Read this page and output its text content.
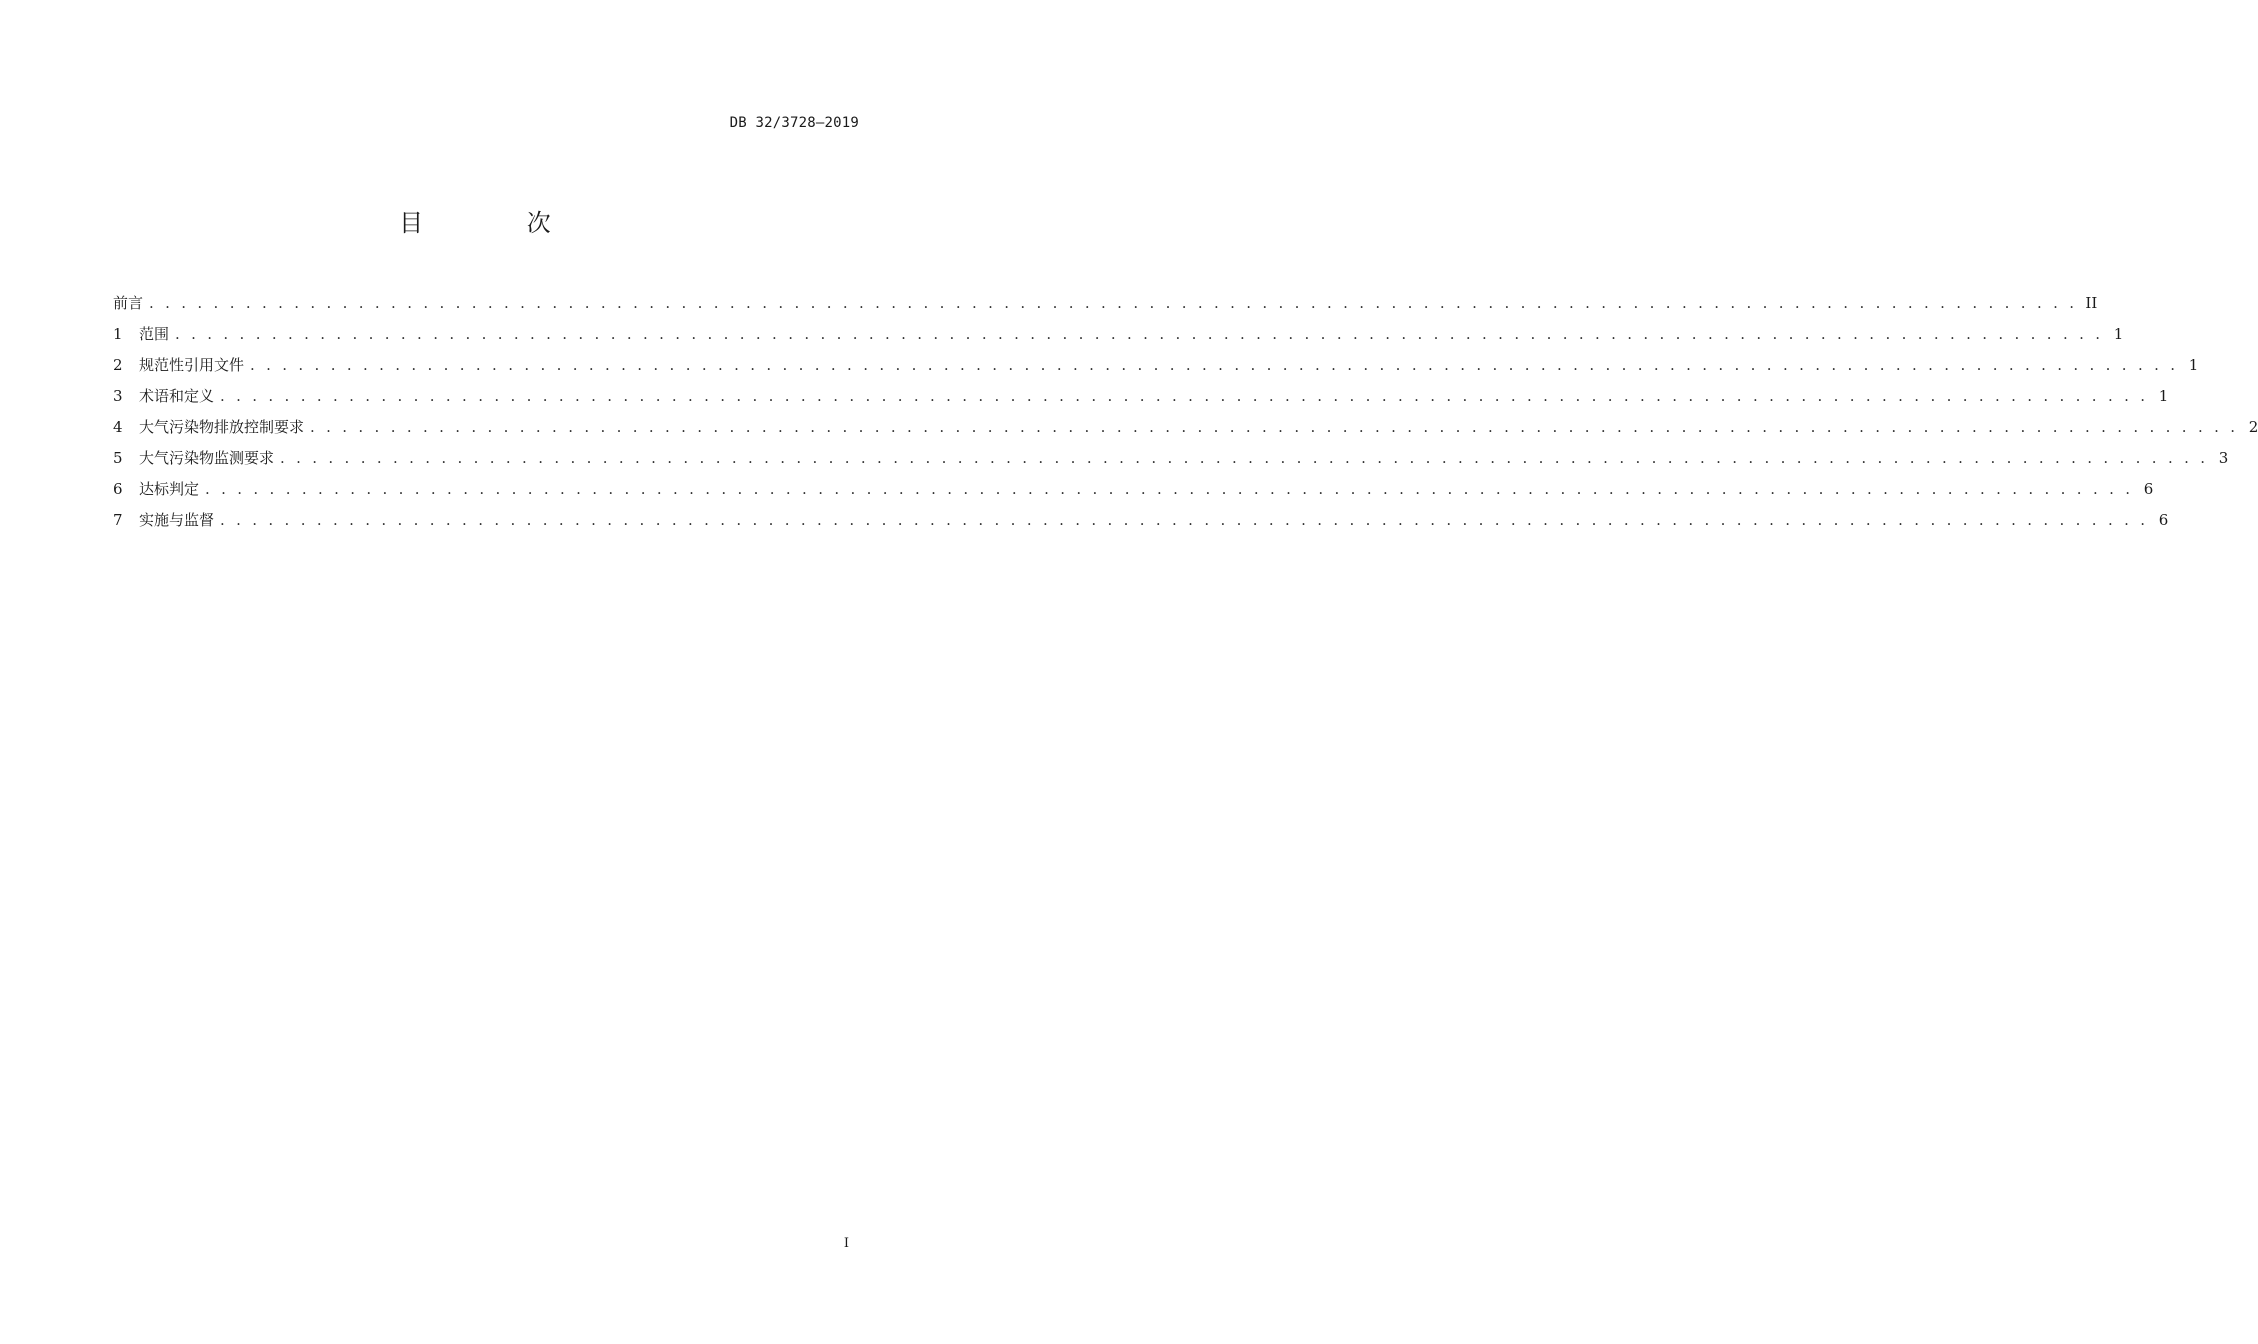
DB 32/3728—2019
目 次
前言 . . . . . . . . . . . . . . . . . . . . . . . . . . . . . . . . . . . . . . . . . . . . . . . . . . . . . . . . . . . . . . . . . . . . . . . . . . . . . . . . . . . . . . . . . . . . . . . . . . . . . . . . . . . . . . . . . . . . . . . . II
1	范围 . . . . . . . . . . . . . . . . . . . . . . . . . . . . . . . . . . . . . . . . . . . . . . . . . . . . . . . . . . . . . . . . . . . . . . . . . . . . . . . . . . . . . . . . . . . . . . . . . . . . . . . . . . . . . . . . . . . . . . . . 1
2	规范性引用文件 . . . . . . . . . . . . . . . . . . . . . . . . . . . . . . . . . . . . . . . . . . . . . . . . . . . . . . . . . . . . . . . . . . . . . . . . . . . . . . . . . . . . . . . . . . . . . . . . . . . . . . . . . . . . . . . . . . . . . . . . 1
3	术语和定义 . . . . . . . . . . . . . . . . . . . . . . . . . . . . . . . . . . . . . . . . . . . . . . . . . . . . . . . . . . . . . . . . . . . . . . . . . . . . . . . . . . . . . . . . . . . . . . . . . . . . . . . . . . . . . . . . . . . . . . . . 1
4	大气污染物排放控制要求 . . . . . . . . . . . . . . . . . . . . . . . . . . . . . . . . . . . . . . . . . . . . . . . . . . . . . . . . . . . . . . . . . . . . . . . . . . . . . . . . . . . . . . . . . . . . . . . . . . . . . . . . . . . . . . . . . . . . . . . . 2
5	大气污染物监测要求 . . . . . . . . . . . . . . . . . . . . . . . . . . . . . . . . . . . . . . . . . . . . . . . . . . . . . . . . . . . . . . . . . . . . . . . . . . . . . . . . . . . . . . . . . . . . . . . . . . . . . . . . . . . . . . . . . . . . . . . . 3
6	达标判定 . . . . . . . . . . . . . . . . . . . . . . . . . . . . . . . . . . . . . . . . . . . . . . . . . . . . . . . . . . . . . . . . . . . . . . . . . . . . . . . . . . . . . . . . . . . . . . . . . . . . . . . . . . . . . . . . . . . . . . . . 6
7	实施与监督 . . . . . . . . . . . . . . . . . . . . . . . . . . . . . . . . . . . . . . . . . . . . . . . . . . . . . . . . . . . . . . . . . . . . . . . . . . . . . . . . . . . . . . . . . . . . . . . . . . . . . . . . . . . . . . . . . . . . . . . . 6
I
